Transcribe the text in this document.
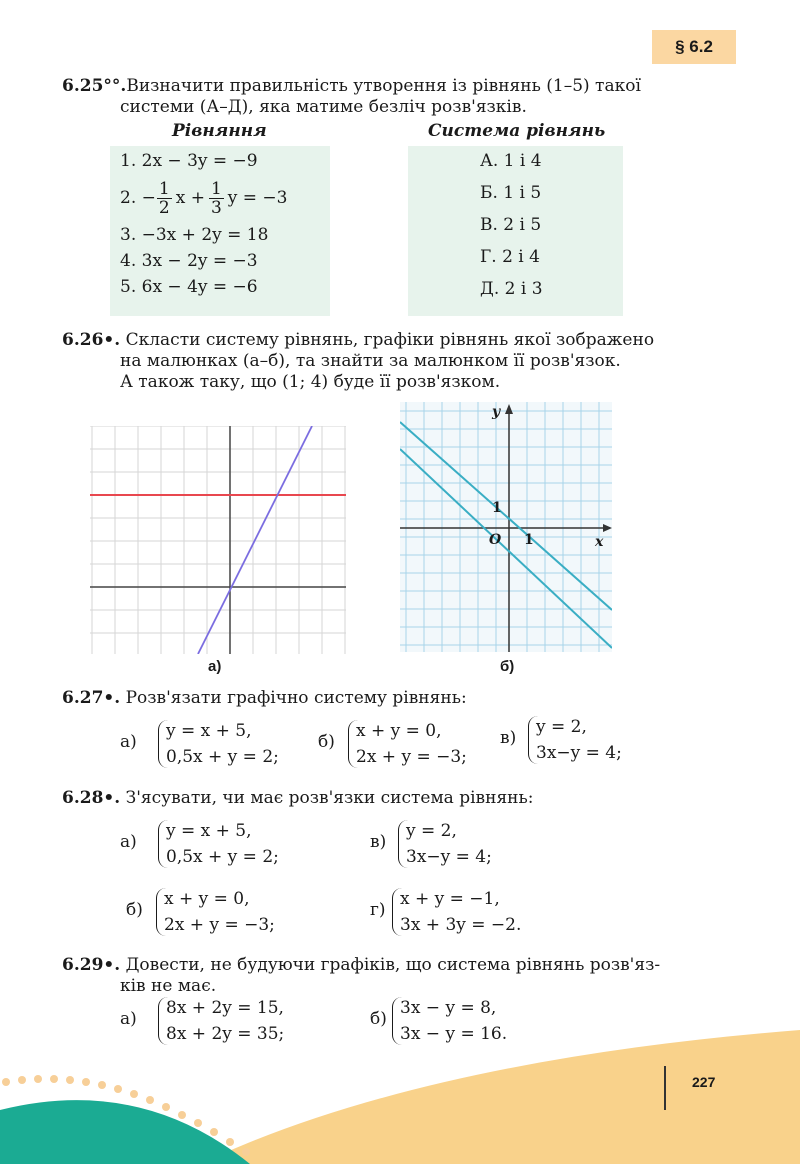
§ 6.2
6.25°°.Визначити правильність утворення із рівнянь (1–5) такої
системи (А–Д), яка матиме безліч розв'язків.
Рівняння	Система рівнянь
1. 2x − 3y = −9
2. − $\frac{1}{2}$ $x + \frac{1}{3}$ y = −3
3. −3x + 2y = 18
4. 3x − 2y = −3
5. 6x − 4y = −6
А. 1 і 4
Б. 1 і 5
В. 2 і 5
Г. 2 і 4
Д. 2 і 3
6.26•. Скласти систему рівнянь, графіки рівнянь якої зображено
на малюнках (а–б), та знайти за малюнком її розв'язок.
А також таку, що (1; 4) буде її розв'язком.
а)
y
x
O 1
1
б)
6.27•. Розв'язати графічно систему рівнянь:
а)
y = x + 5,
0,5x + y = 2;
б)
x + y = 0,
2x + y = −3;
в)
y = 2,
3x−y = 4;
6.28•. З'ясувати, чи має розв'язки система рівнянь:
а)
y = x + 5,
0,5x + y = 2;
в)
y = 2,
3x−y = 4;
б)
x + y = 0,
2x + y = −3;
г)
x + y = −1,
3x + 3y = −2.
6.29•. Довести, не будуючи графіків, що система рівнянь розв'яз-
ків не має.
а)
8x + 2y = 15,
8x + 2y = 35;
б)
3x − y = 8,
3x − y = 16.
227
